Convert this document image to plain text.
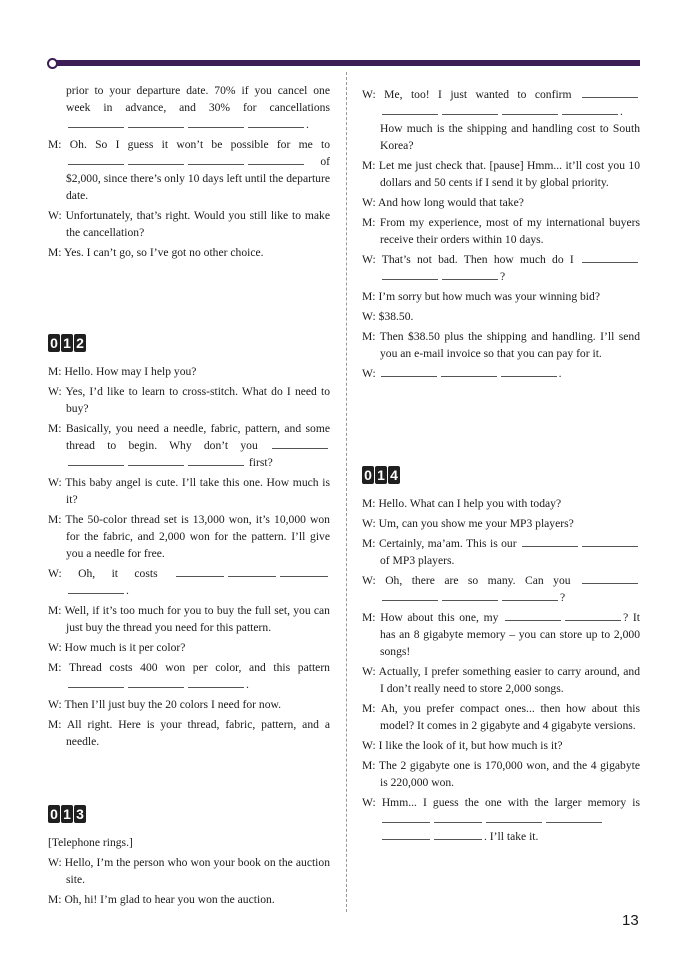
prior to your departure date. 70% if you cancel one week in advance, and 30% for cancellations .
M: Oh. So I guess it won’t be possible for me to  of $2,000, since there’s only 10 days left until the departure date.
W: Unfortunately, that’s right. Would you still like to make the cancellation?
M: Yes. I can’t go, so I’ve got no other choice.
0 1 2
M: Hello. How may I help you?
W: Yes, I’d like to learn to cross-stitch. What do I need to buy?
M: Basically, you need a needle, fabric, pattern, and some thread to begin. Why don’t you  first?
W: This baby angel is cute. I’ll take this one. How much is it?
M: The 50-color thread set is 13,000 won, it’s 10,000 won for the fabric, and 2,000 won for the pattern. I’ll give you a needle for free.
W: Oh, it costs .
M: Well, if it’s too much for you to buy the full set, you can just buy the thread you need for this pattern.
W: How much is it per color?
M: Thread costs 400 won per color, and this pattern .
W: Then I’ll just buy the 20 colors I need for now.
M: All right. Here is your thread, fabric, pattern, and a needle.
0 1 3
[Telephone rings.]
W: Hello, I’m the person who won your book on the auction site.
M: Oh, hi! I’m glad to hear you won the auction.
W: Me, too! I just wanted to confirm . How much is the shipping and handling cost to South Korea?
M: Let me just check that. [pause] Hmm... it’ll cost you 10 dollars and 50 cents if I send it by global priority.
W: And how long would that take?
M: From my experience, most of my international buyers receive their orders within 10 days.
W: That’s not bad. Then how much do I ?
M: I’m sorry but how much was your winning bid?
W: $38.50.
M: Then $38.50 plus the shipping and handling. I’ll send you an e-mail invoice so that you can pay for it.
W:	.
0 1 4
M: Hello. What can I help you with today?
W: Um, can you show me your MP3 players?
M: Certainly, ma’am. This is our  of MP3 players.
W: Oh, there are so many. Can you ?
M: How about this one, my	? It has an 8 gigabyte memory – you can store up to 2,000 songs!
W: Actually, I prefer something easier to carry around, and I don’t really need to store 2,000 songs.
M: Ah, you prefer compact ones... then how about this model? It comes in 2 gigabyte and 4 gigabyte versions.
W: I like the look of it, but how much is it?
M: The 2 gigabyte one is 170,000 won, and the 4 gigabyte is 220,000 won.
W: Hmm... I guess the one with the larger memory is . I’ll take it.
13
